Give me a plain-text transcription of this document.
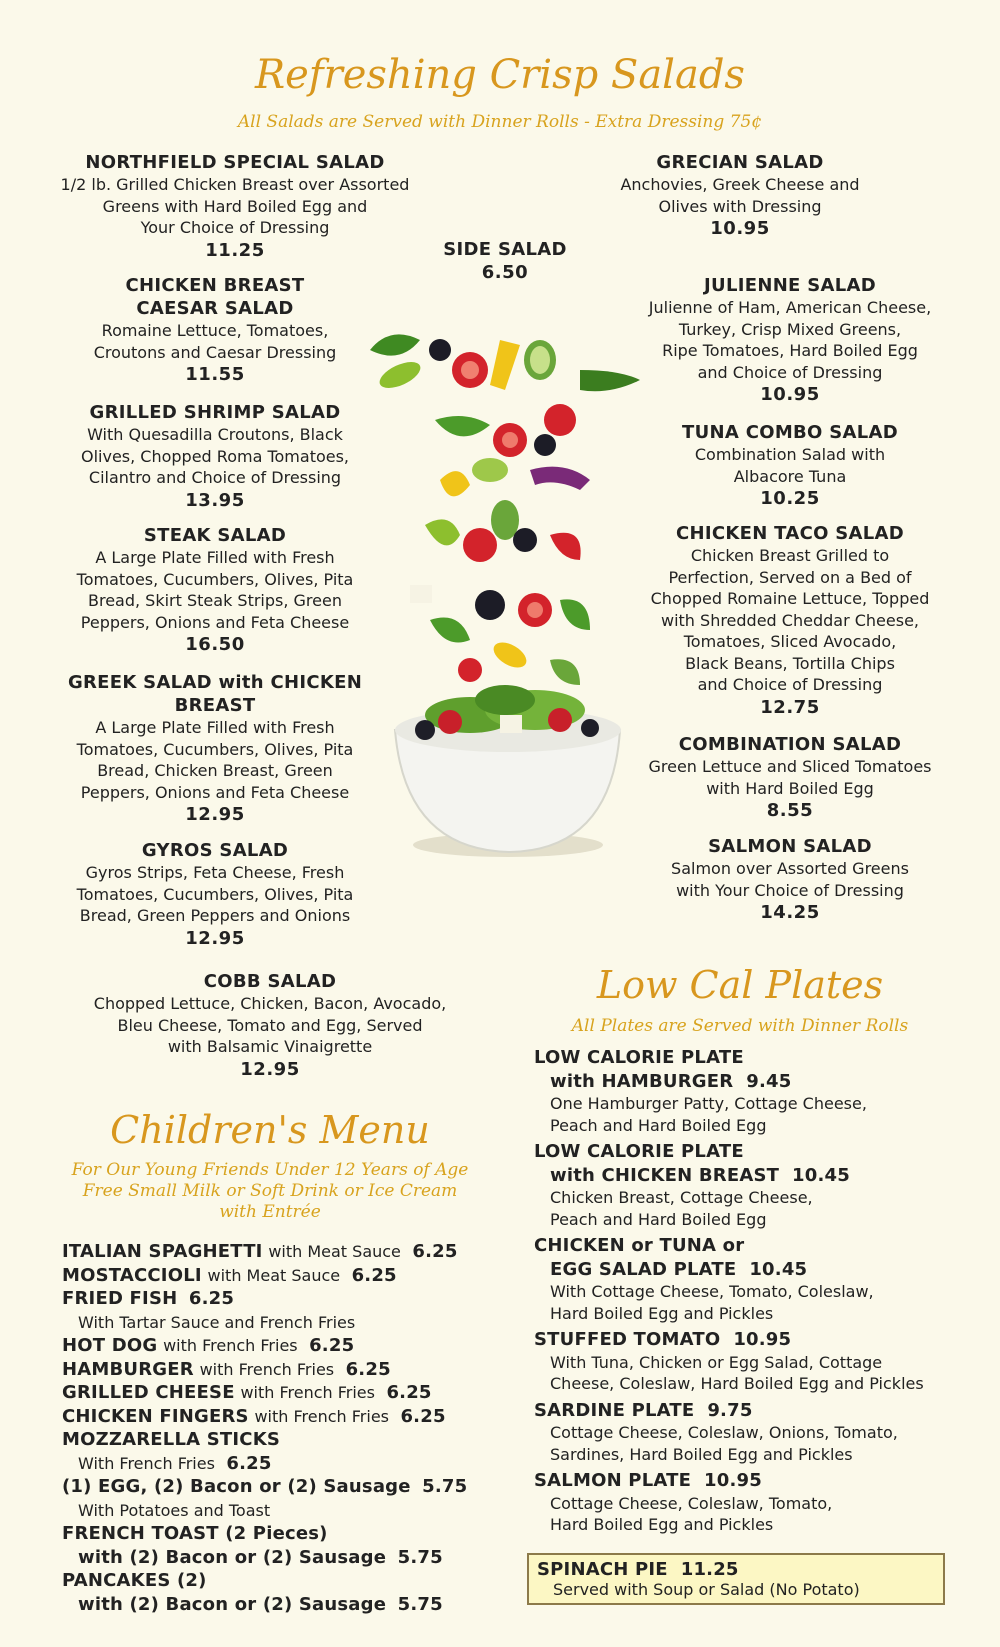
Refreshing Crisp Salads
All Salads are Served with Dinner Rolls - Extra Dressing 75¢
NORTHFIELD SPECIAL SALAD
1/2 lb. Grilled Chicken Breast over Assorted
Greens with Hard Boiled Egg and
Your Choice of Dressing
11.25
CHICKEN BREAST
CAESAR SALAD
Romaine Lettuce, Tomatoes,
Croutons and Caesar Dressing
11.55
GRILLED SHRIMP SALAD
With Quesadilla Croutons, Black
Olives, Chopped Roma Tomatoes,
Cilantro and Choice of Dressing
13.95
STEAK SALAD
A Large Plate Filled with Fresh
Tomatoes, Cucumbers, Olives, Pita
Bread, Skirt Steak Strips, Green
Peppers, Onions and Feta Cheese
16.50
GREEK SALAD with CHICKEN
BREAST
A Large Plate Filled with Fresh
Tomatoes, Cucumbers, Olives, Pita
Bread, Chicken Breast, Green
Peppers, Onions and Feta Cheese
12.95
GYROS SALAD
Gyros Strips, Feta Cheese, Fresh
Tomatoes, Cucumbers, Olives, Pita
Bread, Green Peppers and Onions
12.95
COBB SALAD
Chopped Lettuce, Chicken, Bacon, Avocado,
Bleu Cheese, Tomato and Egg, Served
with Balsamic Vinaigrette
12.95
SIDE SALAD
6.50
GRECIAN SALAD
Anchovies, Greek Cheese and
Olives with Dressing
10.95
JULIENNE SALAD
Julienne of Ham, American Cheese,
Turkey, Crisp Mixed Greens,
Ripe Tomatoes, Hard Boiled Egg
and Choice of Dressing
10.95
TUNA COMBO SALAD
Combination Salad with
Albacore Tuna
10.25
CHICKEN TACO SALAD
Chicken Breast Grilled to
Perfection, Served on a Bed of
Chopped Romaine Lettuce, Topped
with Shredded Cheddar Cheese,
Tomatoes, Sliced Avocado,
Black Beans, Tortilla Chips
and Choice of Dressing
12.75
COMBINATION SALAD
Green Lettuce and Sliced Tomatoes
with Hard Boiled Egg
8.55
SALMON SALAD
Salmon over Assorted Greens
with Your Choice of Dressing
14.25
Children's Menu
For Our Young Friends Under 12 Years of Age
Free Small Milk or Soft Drink or Ice Cream
with Entrée
ITALIAN SPAGHETTI with Meat Sauce 6.25
MOSTACCIOLI with Meat Sauce 6.25
FRIED FISH 6.25
With Tartar Sauce and French Fries
HOT DOG with French Fries 6.25
HAMBURGER with French Fries 6.25
GRILLED CHEESE with French Fries 6.25
CHICKEN FINGERS with French Fries 6.25
MOZZARELLA STICKS
With French Fries 6.25
(1) EGG, (2) Bacon or (2) Sausage 5.75
With Potatoes and Toast
FRENCH TOAST (2 Pieces)
with (2) Bacon or (2) Sausage 5.75
PANCAKES (2)
with (2) Bacon or (2) Sausage 5.75
Low Cal Plates
All Plates are Served with Dinner Rolls
LOW CALORIE PLATE
with HAMBURGER 9.45
One Hamburger Patty, Cottage Cheese,
Peach and Hard Boiled Egg
LOW CALORIE PLATE
with CHICKEN BREAST 10.45
Chicken Breast, Cottage Cheese,
Peach and Hard Boiled Egg
CHICKEN or TUNA or
EGG SALAD PLATE 10.45
With Cottage Cheese, Tomato, Coleslaw,
Hard Boiled Egg and Pickles
STUFFED TOMATO 10.95
With Tuna, Chicken or Egg Salad, Cottage
Cheese, Coleslaw, Hard Boiled Egg and Pickles
SARDINE PLATE 9.75
Cottage Cheese, Coleslaw, Onions, Tomato,
Sardines, Hard Boiled Egg and Pickles
SALMON PLATE 10.95
Cottage Cheese, Coleslaw, Tomato,
Hard Boiled Egg and Pickles
SPINACH PIE 11.25
Served with Soup or Salad (No Potato)
